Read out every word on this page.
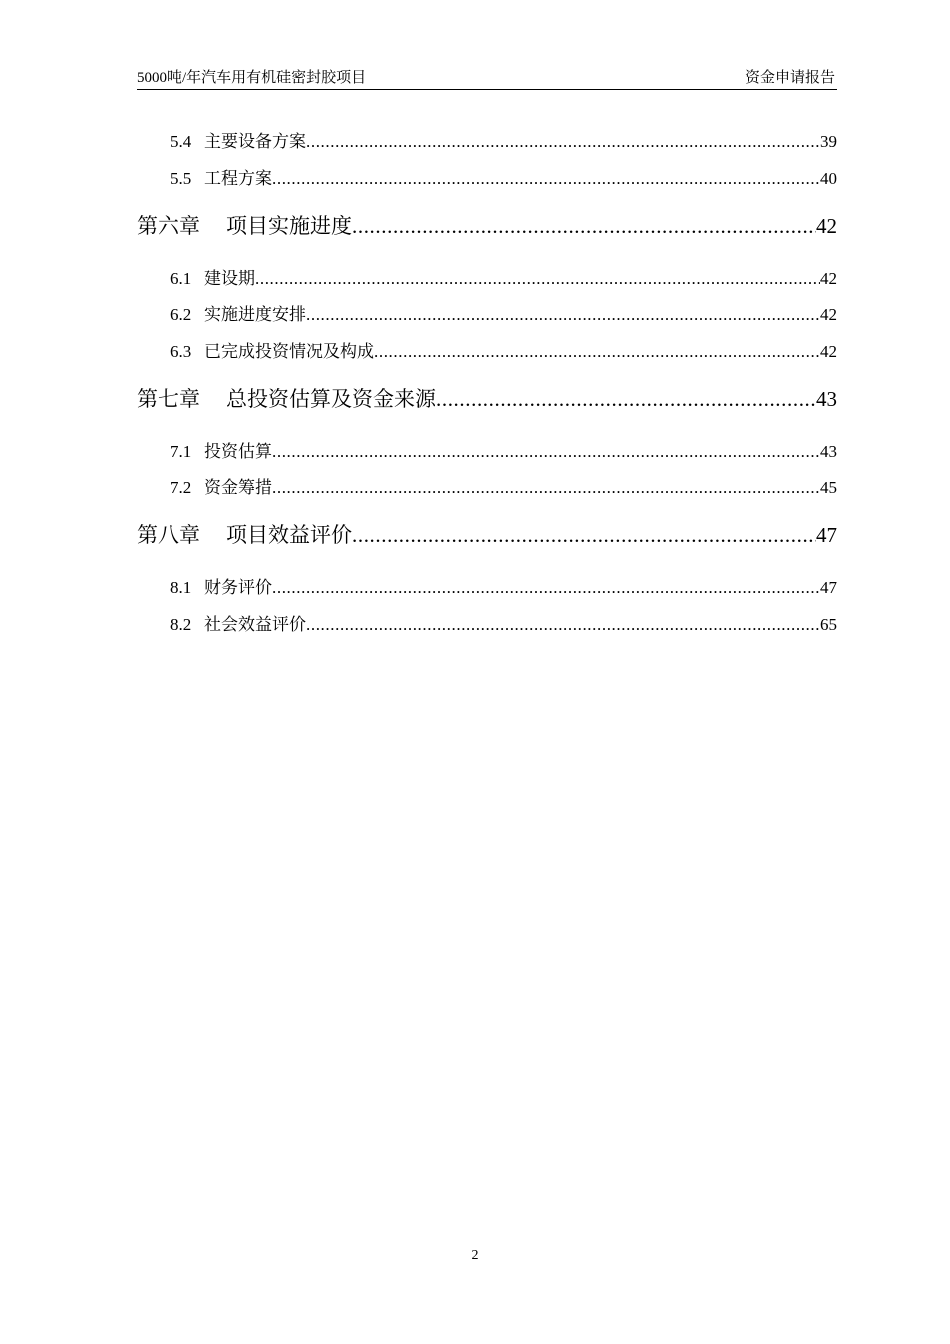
5000吨/年汽车用有机硅密封胶项目	资金申请报告
5.4 主要设备方案 .....	39
5.5 工程方案 .....	40
第六章	项目实施进度 .....	42
6.1 建设期 .....	42
6.2 实施进度安排 .....	42
6.3 已完成投资情况及构成 .....	42
第七章	总投资估算及资金来源 .....	43
7.1 投资估算 .....	43
7.2 资金筹措 .....	45
第八章	项目效益评价 .....	47
8.1 财务评价 .....	47
8.2 社会效益评价 .....	65
2
